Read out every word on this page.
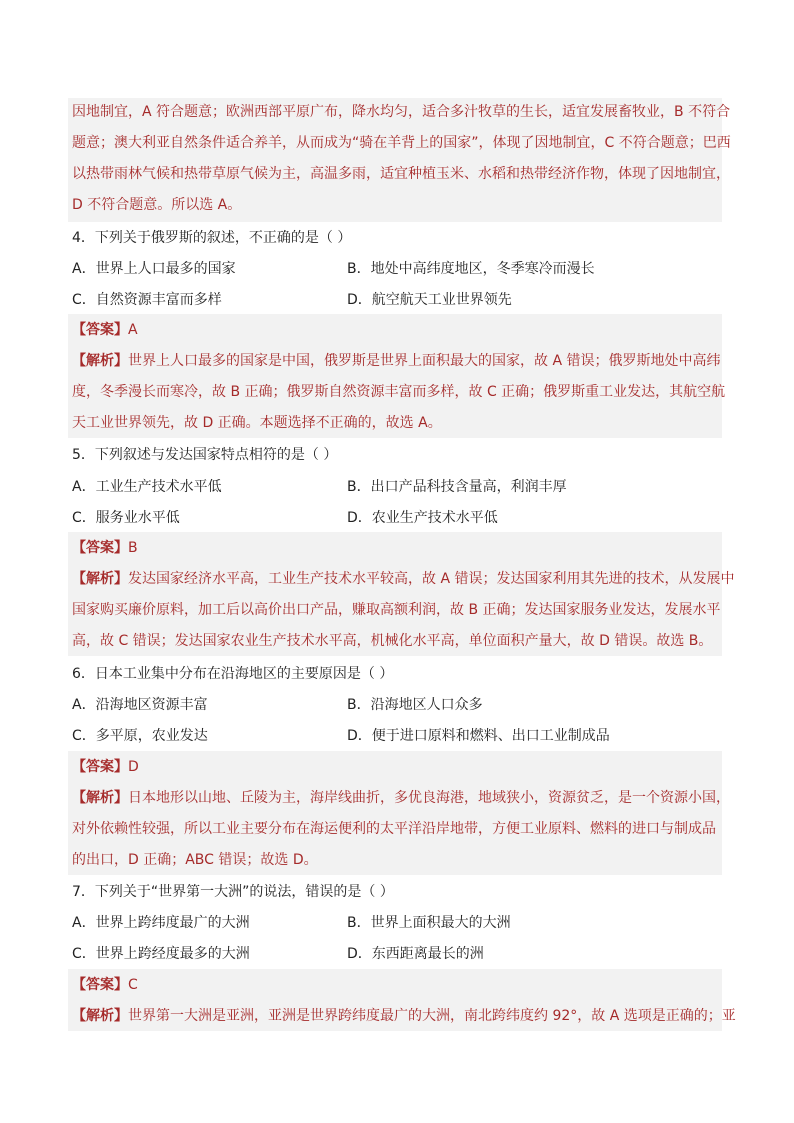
因地制宜，A 符合题意；欧洲西部平原广布，降水均匀，适合多汁牧草的生长，适宜发展畜牧业，B 不符合
题意；澳大利亚自然条件适合养羊，从而成为“骑在羊背上的国家”，体现了因地制宜，C 不符合题意；巴西
以热带雨林气候和热带草原气候为主，高温多雨，适宜种植玉米、水稻和热带经济作物，体现了因地制宜，
D 不符合题意。所以选 A。
4．下列关于俄罗斯的叙述，不正确的是（ ）
A．世界上人口最多的国家	B．地处中高纬度地区，冬季寒冷而漫长
C．自然资源丰富而多样	D．航空航天工业世界领先
【答案】A
【解析】世界上人口最多的国家是中国，俄罗斯是世界上面积最大的国家，故 A 错误；俄罗斯地处中高纬
度，冬季漫长而寒冷，故 B 正确；俄罗斯自然资源丰富而多样，故 C 正确；俄罗斯重工业发达，其航空航
天工业世界领先，故 D 正确。本题选择不正确的，故选 A。
5．下列叙述与发达国家特点相符的是（ ）
A．工业生产技术水平低	B．出口产品科技含量高，利润丰厚
C．服务业水平低	D．农业生产技术水平低
【答案】B
【解析】发达国家经济水平高，工业生产技术水平较高，故 A 错误；发达国家利用其先进的技术，从发展中
国家购买廉价原料，加工后以高价出口产品，赚取高额利润，故 B 正确；发达国家服务业发达，发展水平
高，故 C 错误；发达国家农业生产技术水平高，机械化水平高，单位面积产量大，故 D 错误。故选 B。
6．日本工业集中分布在沿海地区的主要原因是（ ）
A．沿海地区资源丰富	B．沿海地区人口众多
C．多平原，农业发达	D．便于进口原料和燃料、出口工业制成品
【答案】D
【解析】日本地形以山地、丘陵为主，海岸线曲折，多优良海港，地域狭小，资源贫乏，是一个资源小国，
对外依赖性较强，所以工业主要分布在海运便利的太平洋沿岸地带，方便工业原料、燃料的进口与制成品
的出口，D 正确；ABC 错误；故选 D。
7．下列关于“世界第一大洲”的说法，错误的是（ ）
A．世界上跨纬度最广的大洲	B．世界上面积最大的大洲
C．世界上跨经度最多的大洲	D．东西距离最长的洲
【答案】C
【解析】世界第一大洲是亚洲，亚洲是世界跨纬度最广的大洲，南北跨纬度约 92°，故 A 选项是正确的；亚
